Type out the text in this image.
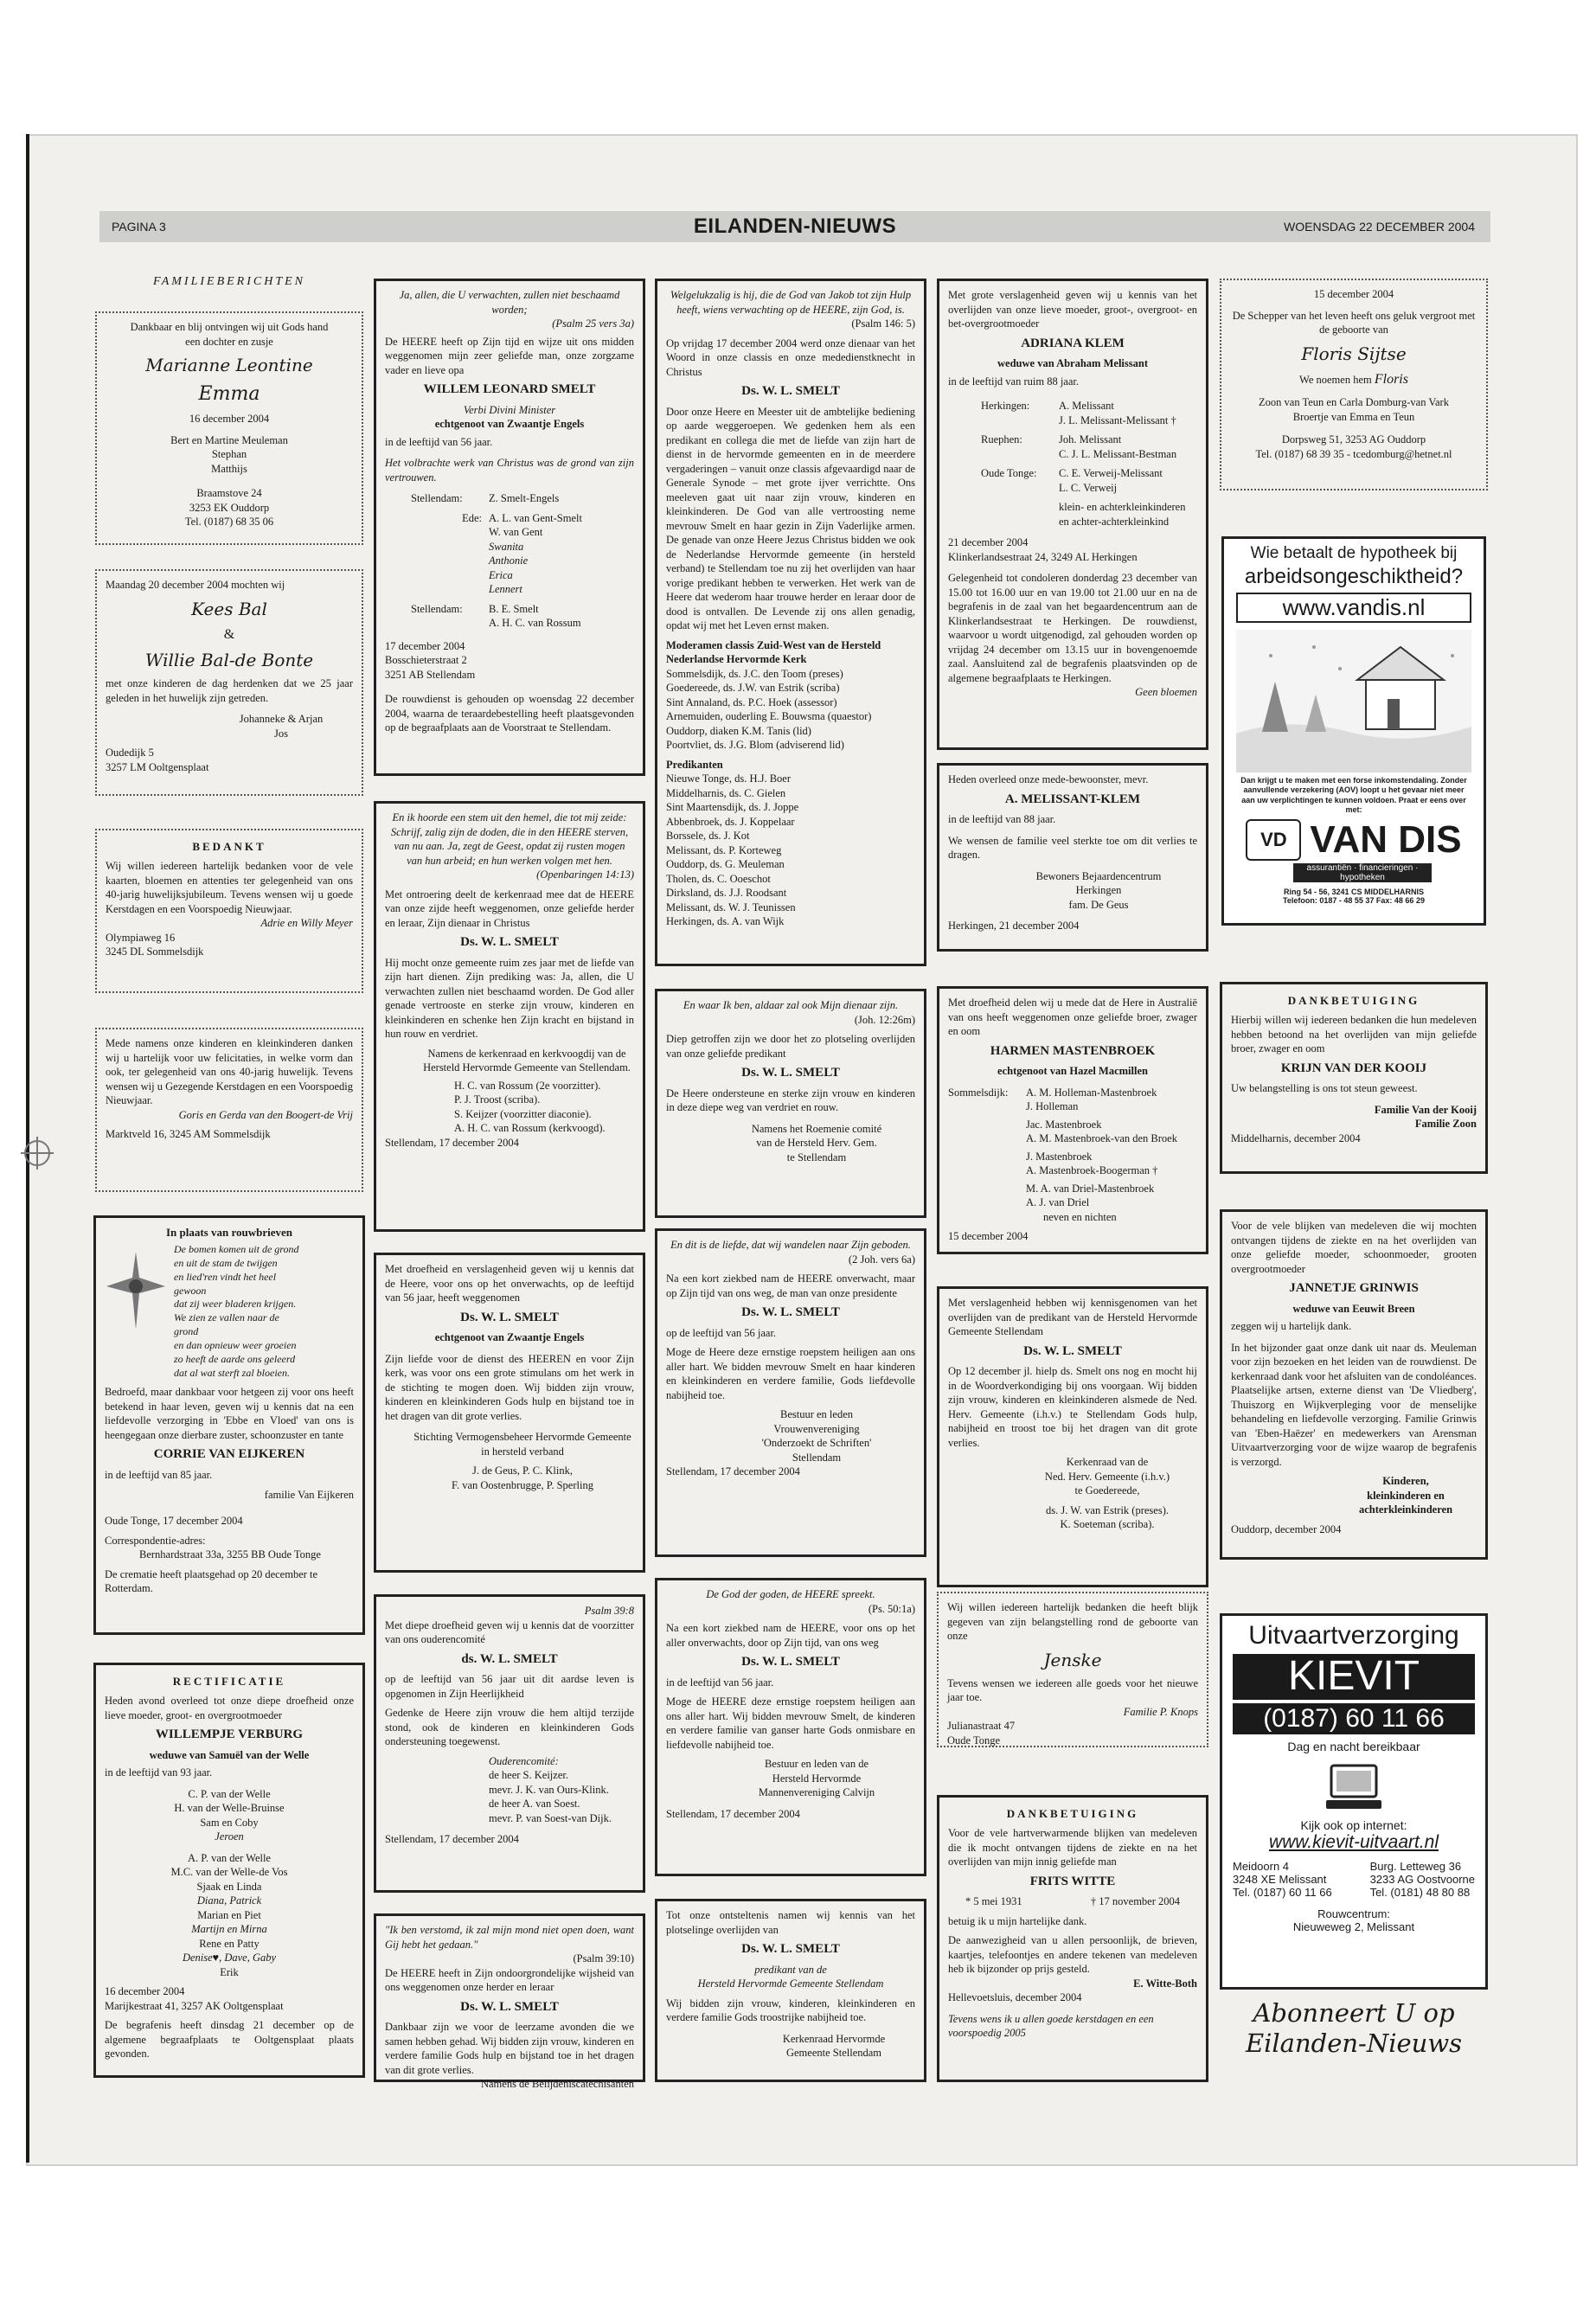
PAGINA 3	EILANDEN-NIEUWS	WOENSDAG 22 DECEMBER 2004
FAMILIEBERICHTEN
Dankbaar en blij ontvingen wij uit Gods hand
een dochter en zusje
Marianne Leontine
Emma
16 december 2004
Bert en Martine Meuleman
Stephan
Matthijs
Braamstove 24
3253 EK Ouddorp
Tel. (0187) 68 35 06
Maandag 20 december 2004 mochten wij
Kees Bal
&
Willie Bal-de Bonte
met onze kinderen de dag herdenken dat we 25 jaar geleden in het huwelijk zijn getreden.
Johanneke & Arjan
Jos
Oudedijk 5
3257 LM Ooltgensplaat
BEDANKT
Wij willen iedereen hartelijk bedanken voor de vele kaarten, bloemen en attenties ter gelegenheid van ons 40-jarig huwelijksjubileum. Tevens wensen wij u goede Kerstdagen en een Voorspoedig Nieuwjaar.
Adrie en Willy Meyer
Olympiaweg 16
3245 DL Sommelsdijk
Mede namens onze kinderen en kleinkinderen danken wij u hartelijk voor uw felicitaties, in welke vorm dan ook, ter gelegenheid van ons 40-jarig huwelijk. Tevens wensen wij u Gezegende Kerstdagen en een Voorspoedig Nieuwjaar.
Goris en Gerda van den Boogert-de Vrij
Marktveld 16, 3245 AM Sommelsdijk
In plaats van rouwbrieven
De bomen komen uit de grond
en uit de stam de twijgen
en lied'ren vindt het heel
gewoon
dat zij weer bladeren krijgen.
We zien ze vallen naar de
grond
en dan opnieuw weer groeien
zo heeft de aarde ons geleerd
dat al wat sterft zal bloeien.
Bedroefd, maar dankbaar voor hetgeen zij voor ons heeft betekend in haar leven, geven wij u kennis dat na een liefdevolle verzorging in 'Ebbe en Vloed' van ons is heengegaan onze dierbare zuster, schoonzuster en tante
CORRIE VAN EIJKEREN
in de leeftijd van 85 jaar.
familie Van Eijkeren
Oude Tonge, 17 december 2004
Correspondentie-adres:
Bernhardstraat 33a, 3255 BB Oude Tonge
De crematie heeft plaatsgehad op 20 december te Rotterdam.
RECTIFICATIE
Heden avond overleed tot onze diepe droefheid onze lieve moeder, groot- en overgrootmoeder
WILLEMPJE VERBURG
weduwe van Samuël van der Welle
in de leeftijd van 93 jaar.
C. P. van der Welle
H. van der Welle-Bruinse
Sam en Coby
Jeroen
A. P. van der Welle
M.C. van der Welle-de Vos
Sjaak en Linda
Diana, Patrick
Marian en Piet
Martijn en Mirna
Rene en Patty
Denise♥, Dave, Gaby
Erik
16 december 2004
Marijkestraat 41, 3257 AK Ooltgensplaat
De begrafenis heeft dinsdag 21 december op de algemene begraafplaats te Ooltgensplaat plaats gevonden.
Ja, allen, die U verwachten, zullen niet beschaamd worden;
(Psalm 25 vers 3a)
De HEERE heeft op Zijn tijd en wijze uit ons midden weggenomen mijn zeer geliefde man, onze zorgzame vader en lieve opa
WILLEM LEONARD SMELT
Verbi Divini Minister
echtgenoot van Zwaantje Engels
in de leeftijd van 56 jaar.
Het volbrachte werk van Christus was de grond van zijn vertrouwen.
Stellendam:	Z. Smelt-Engels
Ede: A. L. van Gent-Smelt
W. van Gent
Swanita
Anthonie
Erica
Lennert
Stellendam:	B. E. Smelt
A. H. C. van Rossum
17 december 2004
Bosschieterstraat 2
3251 AB Stellendam
De rouwdienst is gehouden op woensdag 22 december 2004, waarna de teraardebestelling heeft plaatsgevonden op de begraafplaats aan de Voorstraat te Stellendam.
En ik hoorde een stem uit den hemel, die tot mij zeide: Schrijf, zalig zijn de doden, die in den HEERE sterven, van nu aan. Ja, zegt de Geest, opdat zij rusten mogen van hun arbeid; en hun werken volgen met hen.
(Openbaringen 14:13)
Met ontroering deelt de kerkenraad mee dat de HEERE van onze zijde heeft weggenomen, onze geliefde herder en leraar, Zijn dienaar in Christus
Ds. W. L. SMELT
Hij mocht onze gemeente ruim zes jaar met de liefde van zijn hart dienen. Zijn prediking was: Ja, allen, die U verwachten zullen niet beschaamd worden. De God aller genade vertrooste en sterke zijn vrouw, kinderen en kleinkinderen en schenke hen Zijn kracht en bijstand in hun rouw en verdriet.
Namens de kerkenraad en kerkvoogdij van de Hersteld Hervormde Gemeente van Stellendam.
H. C. van Rossum (2e voorzitter).
P. J. Troost (scriba).
S. Keijzer (voorzitter diaconie).
A. H. C. van Rossum (kerkvoogd).
Stellendam, 17 december 2004
Met droefheid en verslagenheid geven wij u kennis dat de Heere, voor ons op het onverwachts, op de leeftijd van 56 jaar, heeft weggenomen
Ds. W. L. SMELT
echtgenoot van Zwaantje Engels
Zijn liefde voor de dienst des HEEREN en voor Zijn kerk, was voor ons een grote stimulans om het werk in de stichting te mogen doen. Wij bidden zijn vrouw, kinderen en kleinkinderen Gods hulp en bijstand toe in het dragen van dit grote verlies.
Stichting Vermogensbeheer Hervormde Gemeente in hersteld verband
J. de Geus, P. C. Klink,
F. van Oostenbrugge, P. Sperling
Psalm 39:8
Met diepe droefheid geven wij u kennis dat de voorzitter van ons ouderencomité
ds. W. L. SMELT
op de leeftijd van 56 jaar uit dit aardse leven is opgenomen in Zijn Heerlijkheid
Gedenke de Heere zijn vrouw die hem altijd terzijde stond, ook de kinderen en kleinkinderen Gods ondersteuning toegewenst.
Ouderencomité:
de heer S. Keijzer.
mevr. J. K. van Ours-Klink.
de heer A. van Soest.
mevr. P. van Soest-van Dijk.
Stellendam, 17 december 2004
"Ik ben verstomd, ik zal mijn mond niet open doen, want Gij hebt het gedaan."
(Psalm 39:10)
De HEERE heeft in Zijn ondoorgrondelijke wijsheid van ons weggenomen onze herder en leraar
Ds. W. L. SMELT
Dankbaar zijn we voor de leerzame avonden die we samen hebben gehad. Wij bidden zijn vrouw, kinderen en verdere familie Gods hulp en bijstand toe in het dragen van dit grote verlies.
Namens de Belijdeniscatechisanten
Welgelukzalig is hij, die de God van Jakob tot zijn Hulp heeft, wiens verwachting op de HEERE, zijn God, is.
(Psalm 146: 5)
Op vrijdag 17 december 2004 werd onze dienaar van het Woord in onze classis en onze mededienstknecht in Christus
Ds. W. L. SMELT
Door onze Heere en Meester uit de ambtelijke bediening op aarde weggeroepen. We gedenken hem als een predikant en collega die met de liefde van zijn hart de dienst in de hervormde gemeenten en in de meerdere vergaderingen – vanuit onze classis afgevaardigd naar de Generale Synode – met grote ijver verrichtte. Ons meeleven gaat uit naar zijn vrouw, kinderen en kleinkinderen. De God van alle vertroosting neme mevrouw Smelt en haar gezin in Zijn Vaderlijke armen. De genade van onze Heere Jezus Christus bidden we ook de Nederlandse Hervormde gemeente (in hersteld verband) te Stellendam toe nu zij het overlijden van haar vorige predikant hebben te verwerken. Het werk van de Heere dat wederom haar trouwe herder en leraar door de dood is ontvallen. De Levende zij ons allen genadig, opdat wij met het Leven ernst maken.
Moderamen classis Zuid-West van de Hersteld Nederlandse Hervormde Kerk
Sommelsdijk, ds. J.C. den Toom (preses)
Goedereede, ds. J.W. van Estrik (scriba)
Sint Annaland, ds. P.C. Hoek (assessor)
Arnemuiden, ouderling E. Bouwsma (quaestor)
Ouddorp, diaken K.M. Tanis (lid)
Poortvliet, ds. J.G. Blom (adviserend lid)
Predikanten
Nieuwe Tonge, ds. H.J. Boer
Middelharnis, ds. C. Gielen
Sint Maartensdijk, ds. J. Joppe
Abbenbroek, ds. J. Koppelaar
Borssele, ds. J. Kot
Melissant, ds. P. Korteweg
Ouddorp, ds. G. Meuleman
Tholen, ds. C. Ooeschot
Dirksland, ds. J.J. Roodsant
Melissant, ds. W. J. Teunissen
Herkingen, ds. A. van Wijk
En waar Ik ben, aldaar zal ook Mijn dienaar zijn.
(Joh. 12:26m)
Diep getroffen zijn we door het zo plotseling overlijden van onze geliefde predikant
Ds. W. L. SMELT
De Heere ondersteune en sterke zijn vrouw en kinderen in deze diepe weg van verdriet en rouw.
Namens het Roemenie comité
van de Hersteld Herv. Gem.
te Stellendam
En dit is de liefde, dat wij wandelen naar Zijn geboden.
(2 Joh. vers 6a)
Na een kort ziekbed nam de HEERE onverwacht, maar op Zijn tijd van ons weg, de man van onze presidente
Ds. W. L. SMELT
op de leeftijd van 56 jaar.
Moge de Heere deze ernstige roepstem heiligen aan ons aller hart. We bidden mevrouw Smelt en haar kinderen en kleinkinderen en verdere familie, Gods liefdevolle nabijheid toe.
Bestuur en leden
Vrouwenvereniging
'Onderzoekt de Schriften'
Stellendam
Stellendam, 17 december 2004
De God der goden, de HEERE spreekt.
(Ps. 50:1a)
Na een kort ziekbed nam de HEERE, voor ons op het aller onverwachts, door op Zijn tijd, van ons weg
Ds. W. L. SMELT
in de leeftijd van 56 jaar.
Moge de HEERE deze ernstige roepstem heiligen aan ons aller hart. Wij bidden mevrouw Smelt, de kinderen en verdere familie van ganser harte Gods onmisbare en liefdevolle nabijheid toe.
Bestuur en leden van de
Hersteld Hervormde
Mannenvereniging Calvijn
Stellendam, 17 december 2004
Tot onze ontsteltenis namen wij kennis van het plotselinge overlijden van
Ds. W. L. SMELT
predikant van de
Hersteld Hervormde Gemeente Stellendam
Wij bidden zijn vrouw, kinderen, kleinkinderen en verdere familie Gods troostrijke nabijheid toe.
Kerkenraad Hervormde
Gemeente Stellendam
Met grote verslagenheid geven wij u kennis van het overlijden van onze lieve moeder, groot-, overgroot- en bet-overgrootmoeder
ADRIANA KLEM
weduwe van Abraham Melissant
in de leeftijd van ruim 88 jaar.
Herkingen:	A. Melissant
J. L. Melissant-Melissant †
Ruephen:	Joh. Melissant
C. J. L. Melissant-Bestman
Oude Tonge:	C. E. Verweij-Melissant
L. C. Verweij
klein- en achterkleinkinderen
en achter-achterkleinkind
21 december 2004
Klinkerlandsestraat 24, 3249 AL Herkingen
Gelegenheid tot condoleren donderdag 23 december van 15.00 tot 16.00 uur en van 19.00 tot 21.00 uur en na de begrafenis in de zaal van het begaardencentrum aan de Klinkerlandsestraat te Herkingen. De rouwdienst, waarvoor u wordt uitgenodigd, zal gehouden worden op vrijdag 24 december om 13.15 uur in bovengenoemde zaal. Aansluitend zal de begrafenis plaatsvinden op de algemene begraafplaats te Herkingen.
Geen bloemen
Heden overleed onze mede-bewoonster, mevr.
A. MELISSANT-KLEM
in de leeftijd van 88 jaar.
We wensen de familie veel sterkte toe om dit verlies te dragen.
Bewoners Bejaardencentrum
Herkingen
fam. De Geus
Herkingen, 21 december 2004
Met droefheid delen wij u mede dat de Here in Australië van ons heeft weggenomen onze geliefde broer, zwager en oom
HARMEN MASTENBROEK
echtgenoot van Hazel Macmillen
Sommelsdijk:	A. M. Holleman-Mastenbroek
J. Holleman
Jac. Mastenbroek
A. M. Mastenbroek-van den Broek
J. Mastenbroek
A. Mastenbroek-Boogerman †
M. A. van Driel-Mastenbroek
A. J. van Driel
neven en nichten
15 december 2004
Met verslagenheid hebben wij kennisgenomen van het overlijden van de predikant van de Hersteld Hervormde Gemeente Stellendam
Ds. W. L. SMELT
Op 12 december jl. hielp ds. Smelt ons nog en mocht hij in de Woordverkondiging bij ons voorgaan. Wij bidden zijn vrouw, kinderen en kleinkinderen alsmede de Ned. Herv. Gemeente (i.h.v.) te Stellendam Gods hulp, nabijheid en troost toe bij het dragen van dit grote verlies.
Kerkenraad van de
Ned. Herv. Gemeente (i.h.v.)
te Goedereede,
ds. J. W. van Estrik (preses).
K. Soeteman (scriba).
Wij willen iedereen hartelijk bedanken die heeft blijk gegeven van zijn belangstelling rond de geboorte van onze
Jenske
Tevens wensen we iedereen alle goeds voor het nieuwe jaar toe.
Familie P. Knops
Julianastraat 47
Oude Tonge
DANKBETUIGING
Voor de vele hartverwarmende blijken van medeleven die ik mocht ontvangen tijdens de ziekte en na het overlijden van mijn innig geliefde man
FRITS WITTE
* 5 mei 1931	† 17 november 2004
betuig ik u mijn hartelijke dank.
De aanwezigheid van u allen persoonlijk, de brieven, kaartjes, telefoontjes en andere tekenen van medeleven heb ik bijzonder op prijs gesteld.
E. Witte-Both
Hellevoetsluis, december 2004
Tevens wens ik u allen goede kerstdagen en een voorspoedig 2005
15 december 2004
De Schepper van het leven heeft ons geluk vergroot met de geboorte van
Floris Sijtse
We noemen hem Floris
Zoon van Teun en Carla Domburg-van Vark
Broertje van Emma en Teun
Dorpsweg 51, 3253 AG Ouddorp
Tel. (0187) 68 39 35 - tcedomburg@hetnet.nl
Wie betaalt de hypotheek bij
arbeidsongeschiktheid?
www.vandis.nl
Dan krijgt u te maken met een forse inkomstendaling. Zonder aanvullende verzekering (AOV) loopt u het gevaar niet meer aan uw verplichtingen te kunnen voldoen. Praat er eens over met:
VD VAN DIS
assurantiën · financieringen · hypotheken
Ring 54 - 56, 3241 CS MIDDELHARNIS
Telefoon: 0187 - 48 55 37 Fax: 48 66 29
DANKBETUIGING
Hierbij willen wij iedereen bedanken die hun medeleven hebben betoond na het overlijden van mijn geliefde broer, zwager en oom
KRIJN VAN DER KOOIJ
Uw belangstelling is ons tot steun geweest.
Familie Van der Kooij
Familie Zoon
Middelharnis, december 2004
Voor de vele blijken van medeleven die wij mochten ontvangen tijdens de ziekte en na het overlijden van onze geliefde moeder, schoonmoeder, grooten overgrootmoeder
JANNETJE GRINWIS
weduwe van Eeuwit Breen
zeggen wij u hartelijk dank.
In het bijzonder gaat onze dank uit naar ds. Meuleman voor zijn bezoeken en het leiden van de rouwdienst. De kerkenraad dank voor het afsluiten van de condoléances. Plaatselijke artsen, externe dienst van 'De Vliedberg', Thuiszorg en Wijkverpleging voor de menselijke behandeling en liefdevolle verzorging. Familie Grinwis van 'Eben-Haëzer' en medewerkers van Arensman Uitvaartverzorging voor de wijze waarop de begrafenis is verzorgd.
Kinderen,
kleinkinderen en
achterkleinkinderen
Ouddorp, december 2004
Uitvaartverzorging
KIEVIT
(0187) 60 11 66
Dag en nacht bereikbaar
Kijk ook op internet:
www.kievit-uitvaart.nl
Meidoorn 4
3248 XE Melissant
Tel. (0187) 60 11 66
Burg. Letteweg 36
3233 AG Oostvoorne
Tel. (0181) 48 80 88
Rouwcentrum:
Nieuweweg 2, Melissant
Abonneert U op
Eilanden-Nieuws
